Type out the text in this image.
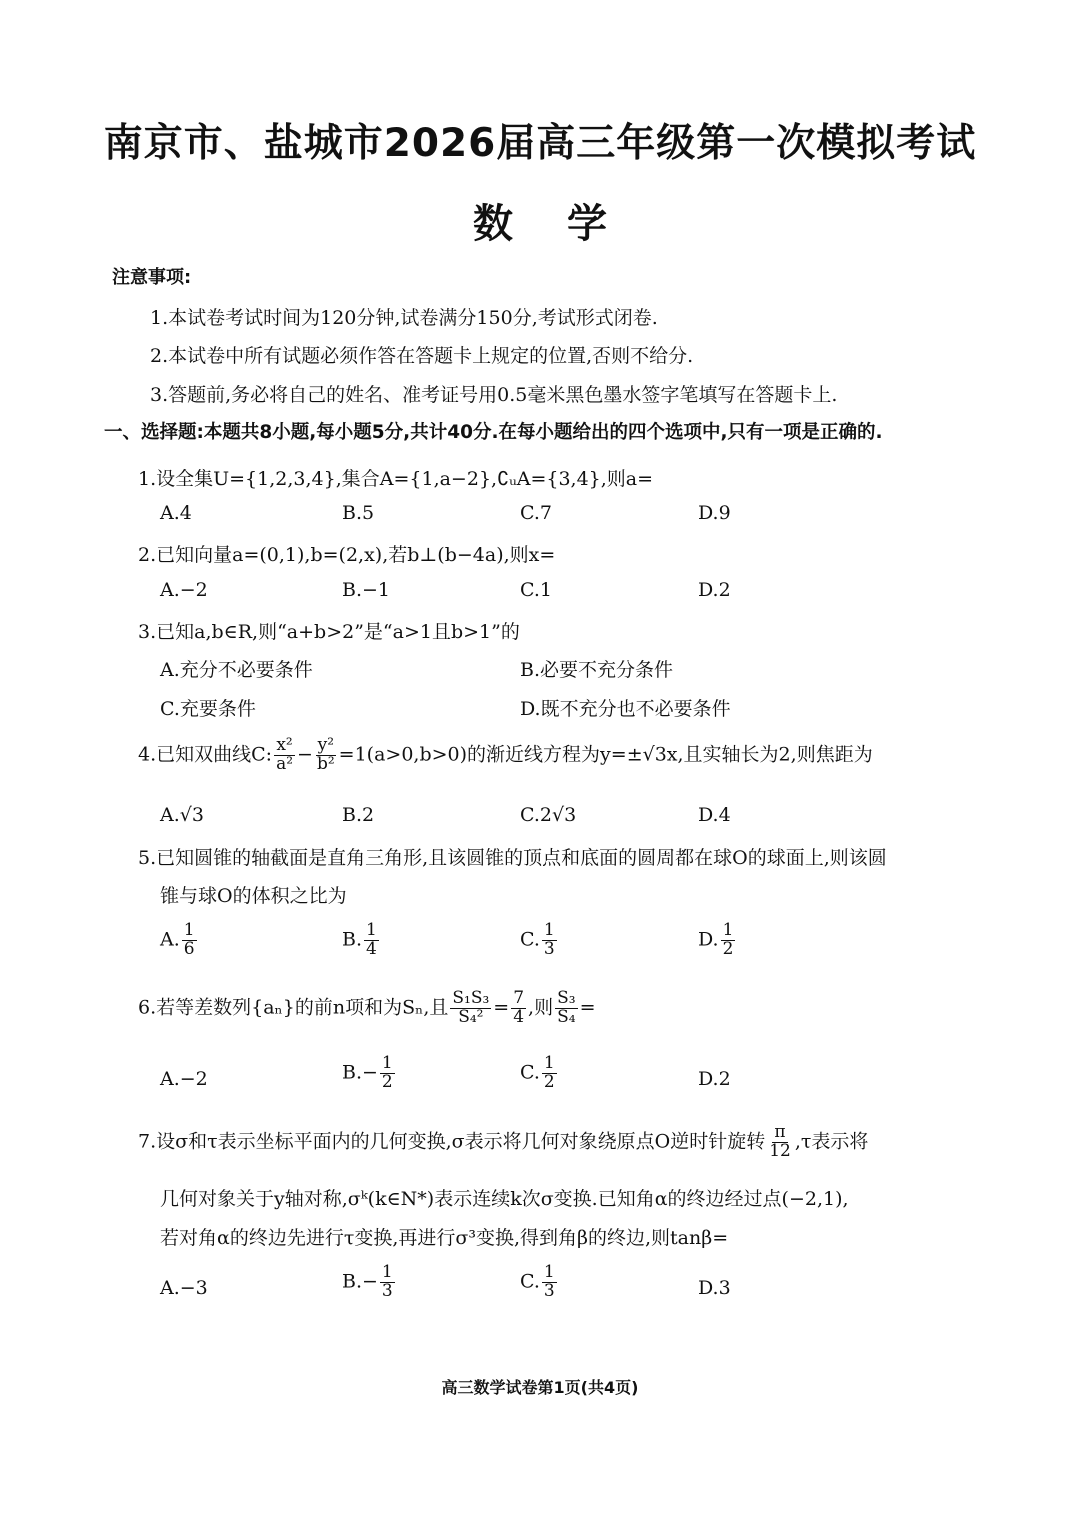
南京市、盐城市2026届高三年级第一次模拟考试
数 学
注意事项:
1.本试卷考试时间为120分钟,试卷满分150分,考试形式闭卷.
2.本试卷中所有试题必须作答在答题卡上规定的位置,否则不给分.
3.答题前,务必将自己的姓名、准考证号用0.5毫米黑色墨水签字笔填写在答题卡上.
一、选择题:本题共8小题,每小题5分,共计40分.在每小题给出的四个选项中,只有一项是正确的.
1.设全集U={1,2,3,4},集合A={1,a−2},∁ᵤA={3,4},则a=
A.4	B.5	C.7	D.9
2.已知向量a=(0,1),b=(2,x),若b⊥(b−4a),则x=
A.−2	B.−1	C.1	D.2
3.已知a,b∈R,则“a+b>2”是“a>1且b>1”的
A.充分不必要条件	B.必要不充分条件
C.充要条件	D.既不充分也不必要条件
4.已知双曲线C: $\frac{\text{x²}}{\text{a²}} - \frac{\text{y²}}{\text{b²}} =1(a>0,b>0)$的渐近线方程为y=±√3x,且实轴长为2,则焦距为
A.√3	B.2	C.2√3	D.4
5.已知圆锥的轴截面是直角三角形,且该圆锥的顶点和底面的圆周都在球O的球面上,则该圆
锥与球O的体积之比为
A. $\frac{1}{6}$	B. $\frac{1}{4}$	C. $\frac{1}{3}$	D. $\frac{1}{2}$
6.若等差数列{aₙ}的前n项和为Sₙ,且 $\frac{\text{S₁S₃}}{\text{S₄²}} = \frac{7}{4}$ ,则 $\frac{\text{S₃}}{\text{S₄}}$ =
A.−2	$B.- \frac{1}{2}$	C. $\frac{1}{2}$	D.2
7.设σ和τ表示坐标平面内的几何变换,σ表示将几何对象绕原点O逆时针旋转 $\frac{\pi}{12} ,\tau$表示将
几何对象关于y轴对称,σᵏ(k∈N*)表示连续k次σ变换.已知角α的终边经过点(−2,1),
若对角α的终边先进行τ变换,再进行σ³变换,得到角β的终边,则tanβ=
A.−3	$B.- \frac{1}{3}$	C. $\frac{1}{3}$	D.3
高三数学试卷第1页(共4页)
